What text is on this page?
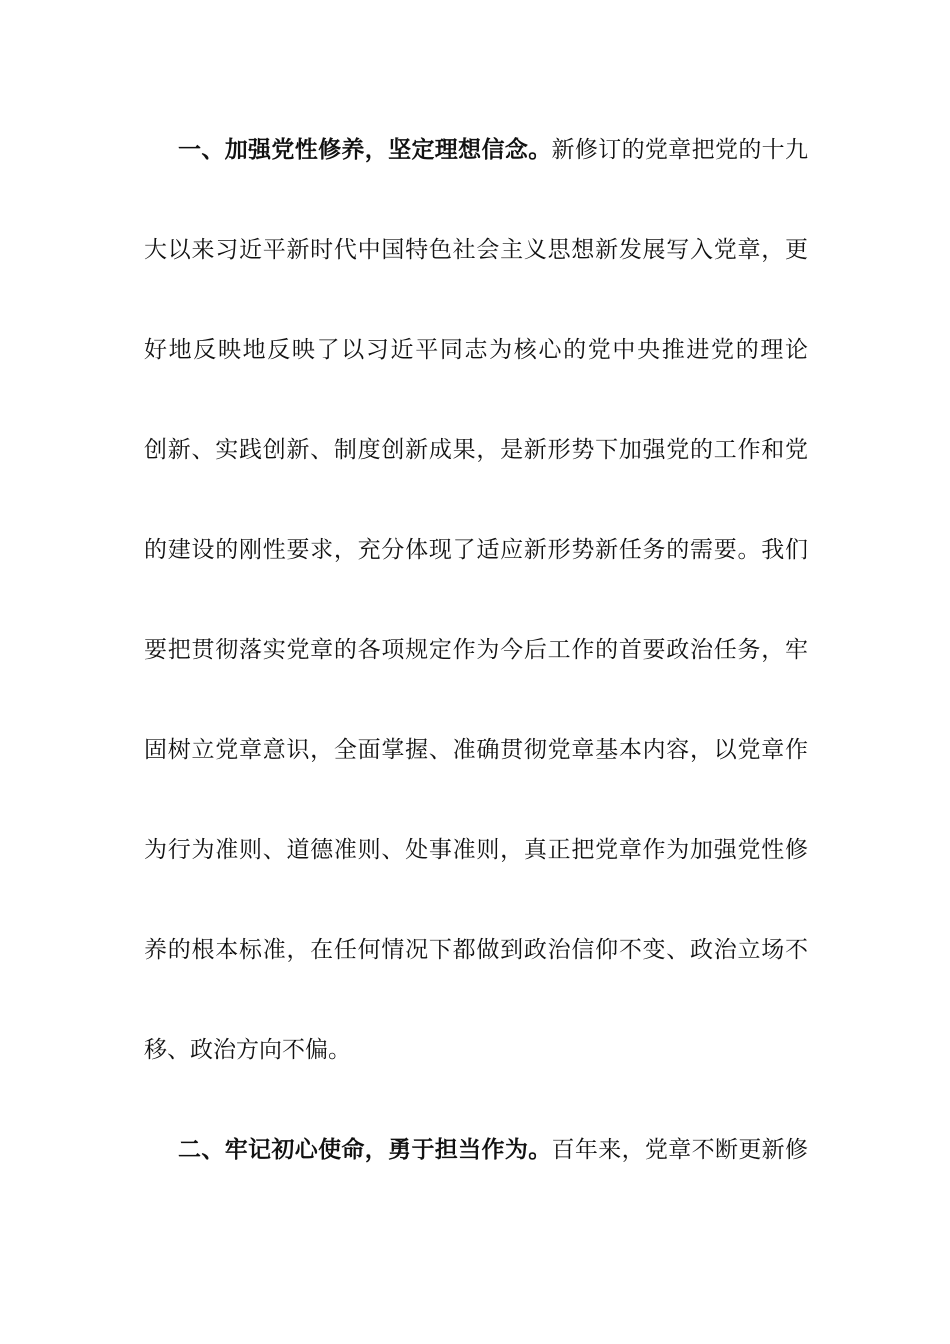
一、加强党性修养，坚定理想信念。新修订的党章把党的十九
大以来习近平新时代中国特色社会主义思想新发展写入党章，更
好地反映地反映了以习近平同志为核心的党中央推进党的理论
创新、实践创新、制度创新成果，是新形势下加强党的工作和党
的建设的刚性要求，充分体现了适应新形势新任务的需要。我们
要把贯彻落实党章的各项规定作为今后工作的首要政治任务，牢
固树立党章意识，全面掌握、准确贯彻党章基本内容，以党章作
为行为准则、道德准则、处事准则，真正把党章作为加强党性修
养的根本标准，在任何情况下都做到政治信仰不变、政治立场不
移、政治方向不偏。
二、牢记初心使命，勇于担当作为。百年来，党章不断更新修
